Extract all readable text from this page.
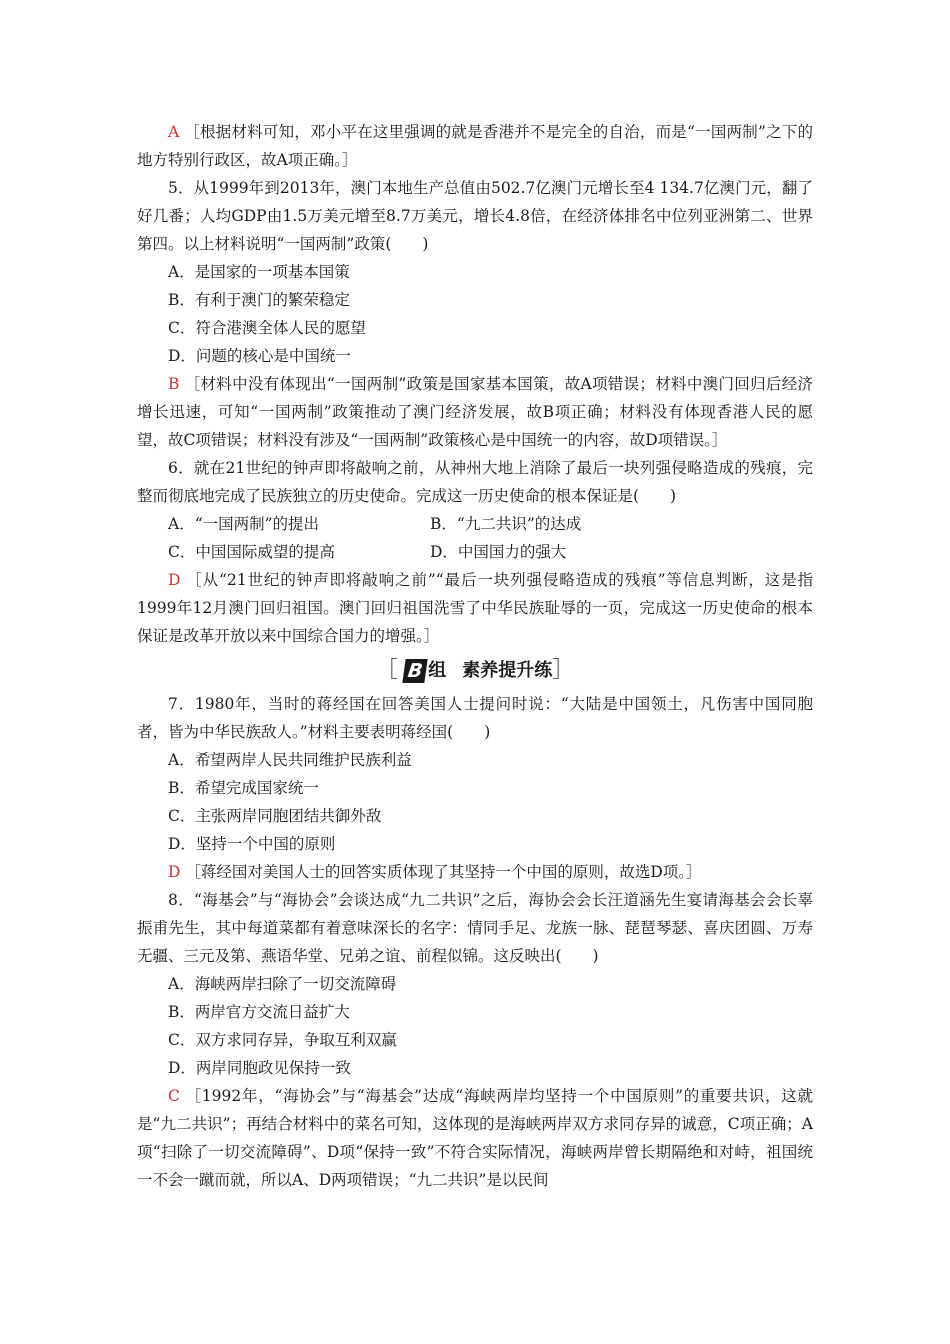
A ［根据材料可知，邓小平在这里强调的就是香港并不是完全的自治，而是“一国两制”之下的地方特别行政区，故A项正确。］

5．从1999年到2013年，澳门本地生产总值由502.7亿澳门元增长至4 134.7亿澳门元，翻了好几番；人均GDP由1.5万美元增至8.7万美元，增长4.8倍，在经济体排名中位列亚洲第二、世界第四。以上材料说明“一国两制”政策(　　)

A．是国家的一项基本国策

B．有利于澳门的繁荣稳定

C．符合港澳全体人民的愿望

D．问题的核心是中国统一

B ［材料中没有体现出“一国两制”政策是国家基本国策，故A项错误；材料中澳门回归后经济增长迅速，可知“一国两制”政策推动了澳门经济发展，故B项正确；材料没有体现香港人民的愿望，故C项错误；材料没有涉及“一国两制”政策核心是中国统一的内容，故D项错误。］

6．就在21世纪的钟声即将敲响之前，从神州大地上消除了最后一块列强侵略造成的残痕，完整而彻底地完成了民族独立的历史使命。完成这一历史使命的根本保证是(　　)

A．“一国两制”的提出	B．“九二共识”的达成
C．中国国际威望的提高	D．中国国力的强大

D ［从“21世纪的钟声即将敲响之前”“最后一块列强侵略造成的残痕”等信息判断，这是指1999年12月澳门回归祖国。澳门回归祖国洗雪了中华民族耻辱的一页，完成这一历史使命的根本保证是改革开放以来中国综合国力的增强。］

［ B 组 素养提升练 ］

7．1980年，当时的蒋经国在回答美国人士提问时说：“大陆是中国领土，凡伤害中国同胞者，皆为中华民族敌人。”材料主要表明蒋经国(　　)

A．希望两岸人民共同维护民族利益

B．希望完成国家统一

C．主张两岸同胞团结共御外敌

D．坚持一个中国的原则

D ［蒋经国对美国人士的回答实质体现了其坚持一个中国的原则，故选D项。］

8．“海基会”与“海协会”会谈达成“九二共识”之后，海协会会长汪道涵先生宴请海基会会长辜振甫先生，其中每道菜都有着意味深长的名字：情同手足、龙族一脉、琵琶琴瑟、喜庆团圆、万寿无疆、三元及第、燕语华堂、兄弟之谊、前程似锦。这反映出(　　)

A．海峡两岸扫除了一切交流障碍

B．两岸官方交流日益扩大

C．双方求同存异，争取互利双赢

D．两岸同胞政见保持一致

C ［1992年，“海协会”与“海基会”达成“海峡两岸均坚持一个中国原则”的重要共识，这就是“九二共识”；再结合材料中的菜名可知，这体现的是海峡两岸双方求同存异的诚意，C项正确；A项“扫除了一切交流障碍”、D项“保持一致”不符合实际情况，海峡两岸曾长期隔绝和对峙，祖国统一不会一蹴而就，所以A、D两项错误；“九二共识”是以民间
